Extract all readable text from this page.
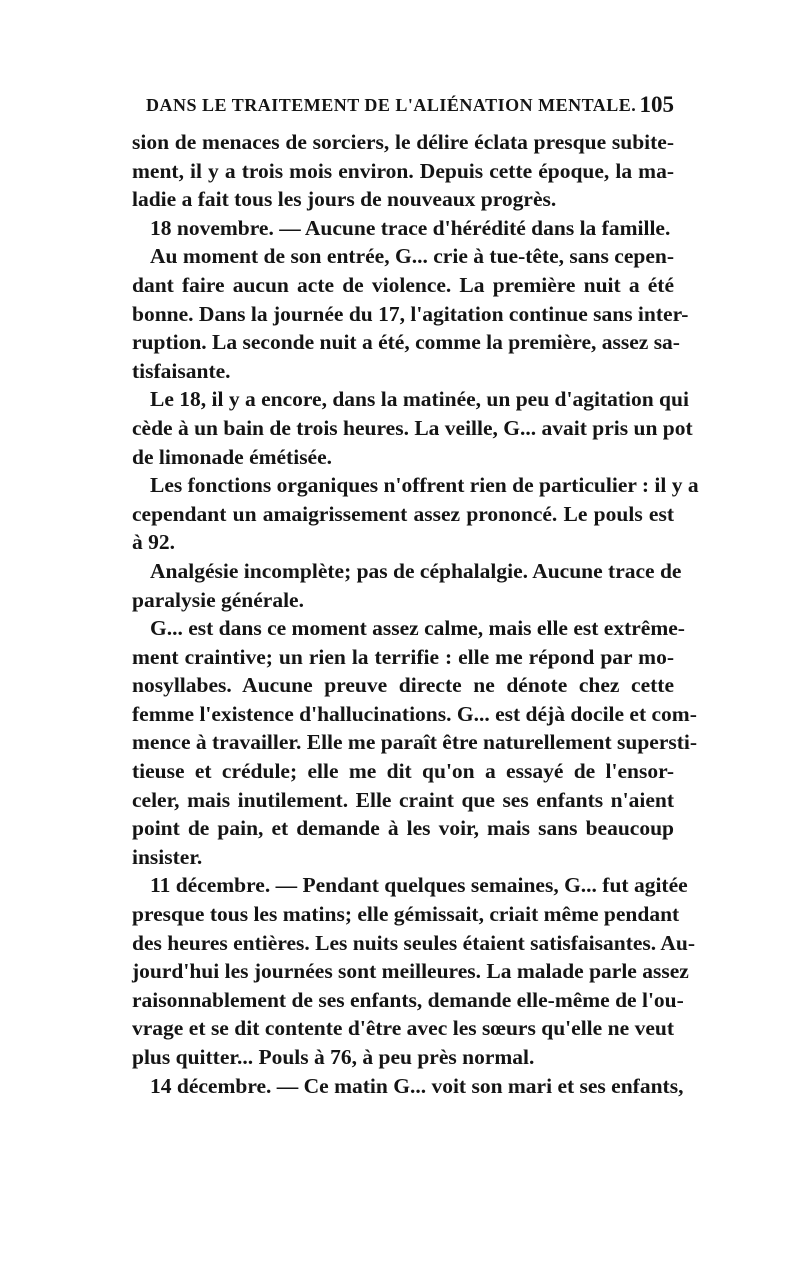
DANS LE TRAITEMENT DE L'ALIÉNATION MENTALE. 105
sion de menaces de sorciers, le délire éclata presque subite-
ment, il y a trois mois environ. Depuis cette époque, la ma-
ladie a fait tous les jours de nouveaux progrès.
18 novembre. — Aucune trace d'hérédité dans la famille.
Au moment de son entrée, G... crie à tue-tête, sans cepen-
dant faire aucun acte de violence. La première nuit a été
bonne. Dans la journée du 17, l'agitation continue sans inter-
ruption. La seconde nuit a été, comme la première, assez sa-
tisfaisante.
Le 18, il y a encore, dans la matinée, un peu d'agitation qui
cède à un bain de trois heures. La veille, G... avait pris un pot
de limonade émétisée.
Les fonctions organiques n'offrent rien de particulier : il y a
cependant un amaigrissement assez prononcé. Le pouls est
à 92.
Analgésie incomplète; pas de céphalalgie. Aucune trace de
paralysie générale.
G... est dans ce moment assez calme, mais elle est extrême-
ment craintive; un rien la terrifie : elle me répond par mo-
nosyllabes. Aucune preuve directe ne dénote chez cette
femme l'existence d'hallucinations. G... est déjà docile et com-
mence à travailler. Elle me paraît être naturellement supersti-
tieuse et crédule; elle me dit qu'on a essayé de l'ensor-
celer, mais inutilement. Elle craint que ses enfants n'aient
point de pain, et demande à les voir, mais sans beaucoup
insister.
11 décembre. — Pendant quelques semaines, G... fut agitée
presque tous les matins; elle gémissait, criait même pendant
des heures entières. Les nuits seules étaient satisfaisantes. Au-
jourd'hui les journées sont meilleures. La malade parle assez
raisonnablement de ses enfants, demande elle-même de l'ou-
vrage et se dit contente d'être avec les sœurs qu'elle ne veut
plus quitter... Pouls à 76, à peu près normal.
14 décembre. — Ce matin G... voit son mari et ses enfants,
